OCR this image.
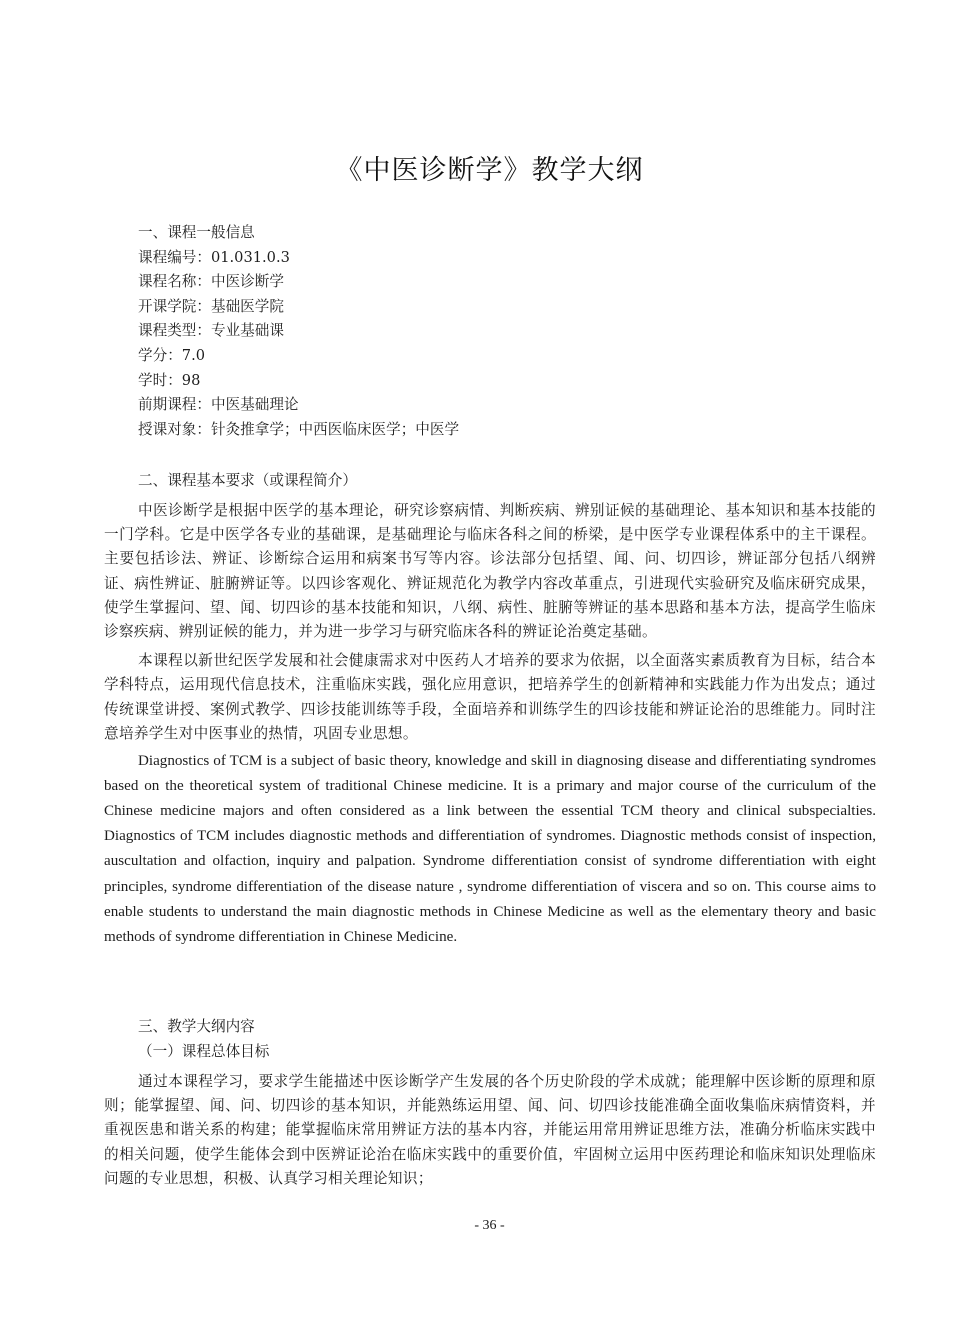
《中医诊断学》教学大纲
一、课程一般信息
课程编号：01.031.0.3
课程名称：中医诊断学
开课学院：基础医学院
课程类型：专业基础课
学分：7.0
学时：98
前期课程：中医基础理论
授课对象：针灸推拿学；中西医临床医学；中医学
二、课程基本要求（或课程简介）

中医诊断学是根据中医学的基本理论，研究诊察病情、判断疾病、辨别证候的基础理论、基本知识和基本技能的一门学科。它是中医学各专业的基础课，是基础理论与临床各科之间的桥梁，是中医学专业课程体系中的主干课程。主要包括诊法、辨证、诊断综合运用和病案书写等内容。诊法部分包括望、闻、问、切四诊，辨证部分包括八纲辨证、病性辨证、脏腑辨证等。以四诊客观化、辨证规范化为教学内容改革重点，引进现代实验研究及临床研究成果，使学生掌握问、望、闻、切四诊的基本技能和知识，八纲、病性、脏腑等辨证的基本思路和基本方法，提高学生临床诊察疾病、辨别证候的能力，并为进一步学习与研究临床各科的辨证论治奠定基础。

本课程以新世纪医学发展和社会健康需求对中医药人才培养的要求为依据，以全面落实素质教育为目标，结合本学科特点，运用现代信息技术，注重临床实践，强化应用意识，把培养学生的创新精神和实践能力作为出发点；通过传统课堂讲授、案例式教学、四诊技能训练等手段，全面培养和训练学生的四诊技能和辨证论治的思维能力。同时注意培养学生对中医事业的热情，巩固专业思想。

Diagnostics of TCM is a subject of basic theory, knowledge and skill in diagnosing disease and differentiating syndromes based on the theoretical system of traditional Chinese medicine. It is a primary and major course of the curriculum of the Chinese medicine majors and often considered as a link between the essential TCM theory and clinical subspecialties. Diagnostics of TCM includes diagnostic methods and differentiation of syndromes. Diagnostic methods consist of inspection, auscultation and olfaction, inquiry and palpation. Syndrome differentiation consist of syndrome differentiation with eight principles, syndrome differentiation of the disease nature , syndrome differentiation of viscera and so on. This course aims to enable students to understand the main diagnostic methods in Chinese Medicine as well as the elementary theory and basic methods of syndrome differentiation in Chinese Medicine.

三、教学大纲内容
（一）课程总体目标

通过本课程学习，要求学生能描述中医诊断学产生发展的各个历史阶段的学术成就；能理解中医诊断的原理和原则；能掌握望、闻、问、切四诊的基本知识，并能熟练运用望、闻、问、切四诊技能准确全面收集临床病情资料，并重视医患和谐关系的构建；能掌握临床常用辨证方法的基本内容，并能运用常用辨证思维方法，准确分析临床实践中的相关问题，使学生能体会到中医辨证论治在临床实践中的重要价值，牢固树立运用中医药理论和临床知识处理临床问题的专业思想，积极、认真学习相关理论知识；

- 36 -
